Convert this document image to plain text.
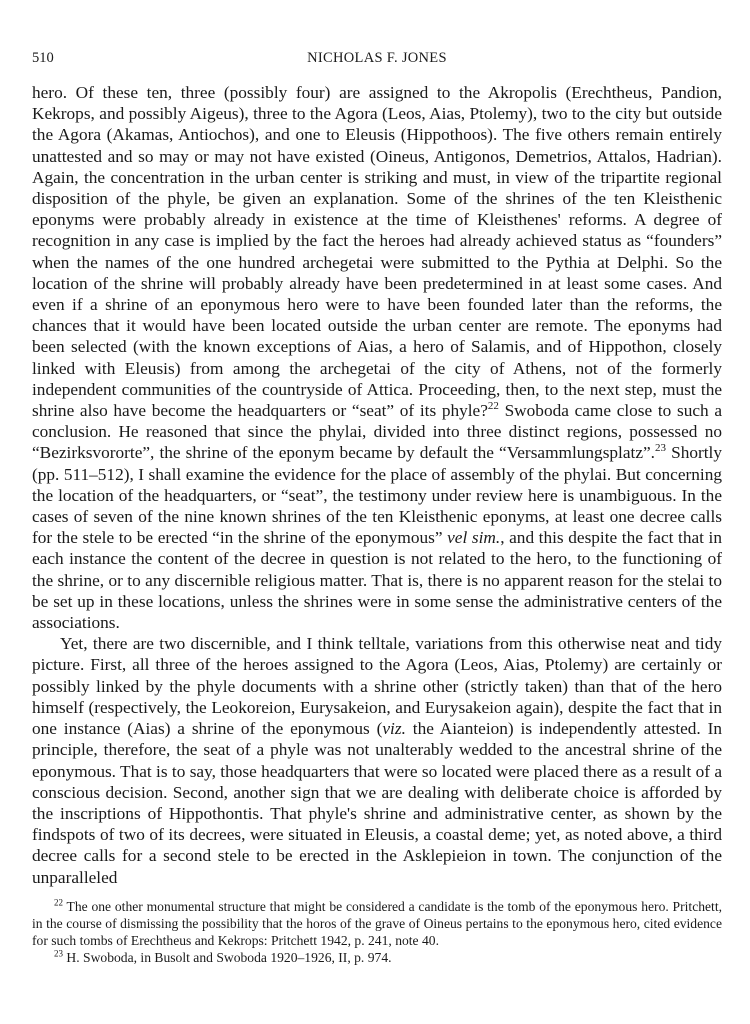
510	NICHOLAS F. JONES

hero. Of these ten, three (possibly four) are assigned to the Akropolis (Erechtheus, Pandion, Kekrops, and possibly Aigeus), three to the Agora (Leos, Aias, Ptolemy), two to the city but outside the Agora (Akamas, Antiochos), and one to Eleusis (Hippothoos). The five others remain entirely unattested and so may or may not have existed (Oineus, Antigonos, Demetrios, Attalos, Hadrian). Again, the concentration in the urban center is striking and must, in view of the tripartite regional disposition of the phyle, be given an explanation. Some of the shrines of the ten Kleisthenic eponyms were probably already in existence at the time of Kleisthenes' reforms. A degree of recognition in any case is implied by the fact the heroes had already achieved status as “founders” when the names of the one hundred archegetai were submitted to the Pythia at Delphi. So the location of the shrine will probably already have been predetermined in at least some cases. And even if a shrine of an eponymous hero were to have been founded later than the reforms, the chances that it would have been located outside the urban center are remote. The eponyms had been selected (with the known exceptions of Aias, a hero of Salamis, and of Hippothon, closely linked with Eleusis) from among the archegetai of the city of Athens, not of the formerly independent communities of the countryside of Attica. Proceeding, then, to the next step, must the shrine also have become the headquarters or “seat” of its phyle?$^{22}$ Swoboda came close to such a conclusion. He reasoned that since the phylai, divided into three distinct regions, possessed no “Bezirksvororte”, the shrine of the eponym became by default the “Versammlungsplatz”.$^{23}$ Shortly (pp. 511–512), I shall examine the evidence for the place of assembly of the phylai. But concerning the location of the headquarters, or “seat”, the testimony under review here is unambiguous. In the cases of seven of the nine known shrines of the ten Kleisthenic eponyms, at least one decree calls for the stele to be erected “in the shrine of the eponymous” vel sim., and this despite the fact that in each instance the content of the decree in question is not related to the hero, to the functioning of the shrine, or to any discernible religious matter. That is, there is no apparent reason for the stelai to be set up in these locations, unless the shrines were in some sense the administrative centers of the associations.

Yet, there are two discernible, and I think telltale, variations from this otherwise neat and tidy picture. First, all three of the heroes assigned to the Agora (Leos, Aias, Ptolemy) are certainly or possibly linked by the phyle documents with a shrine other (strictly taken) than that of the hero himself (respectively, the Leokoreion, Eurysakeion, and Eurysakeion again), despite the fact that in one instance (Aias) a shrine of the eponymous (viz. the Aianteion) is independently attested. In principle, therefore, the seat of a phyle was not unalterably wedded to the ancestral shrine of the eponymous. That is to say, those headquarters that were so located were placed there as a result of a conscious decision. Second, another sign that we are dealing with deliberate choice is afforded by the inscriptions of Hippothontis. That phyle's shrine and administrative center, as shown by the findspots of two of its decrees, were situated in Eleusis, a coastal deme; yet, as noted above, a third decree calls for a second stele to be erected in the Asklepieion in town. The conjunction of the unparalleled

$^{22}$ The one other monumental structure that might be considered a candidate is the tomb of the eponymous hero. Pritchett, in the course of dismissing the possibility that the horos of the grave of Oineus pertains to the eponymous hero, cited evidence for such tombs of Erechtheus and Kekrops: Pritchett 1942, p. 241, note 40.

$^{23}$ H. Swoboda, in Busolt and Swoboda 1920–1926, II, p. 974.
